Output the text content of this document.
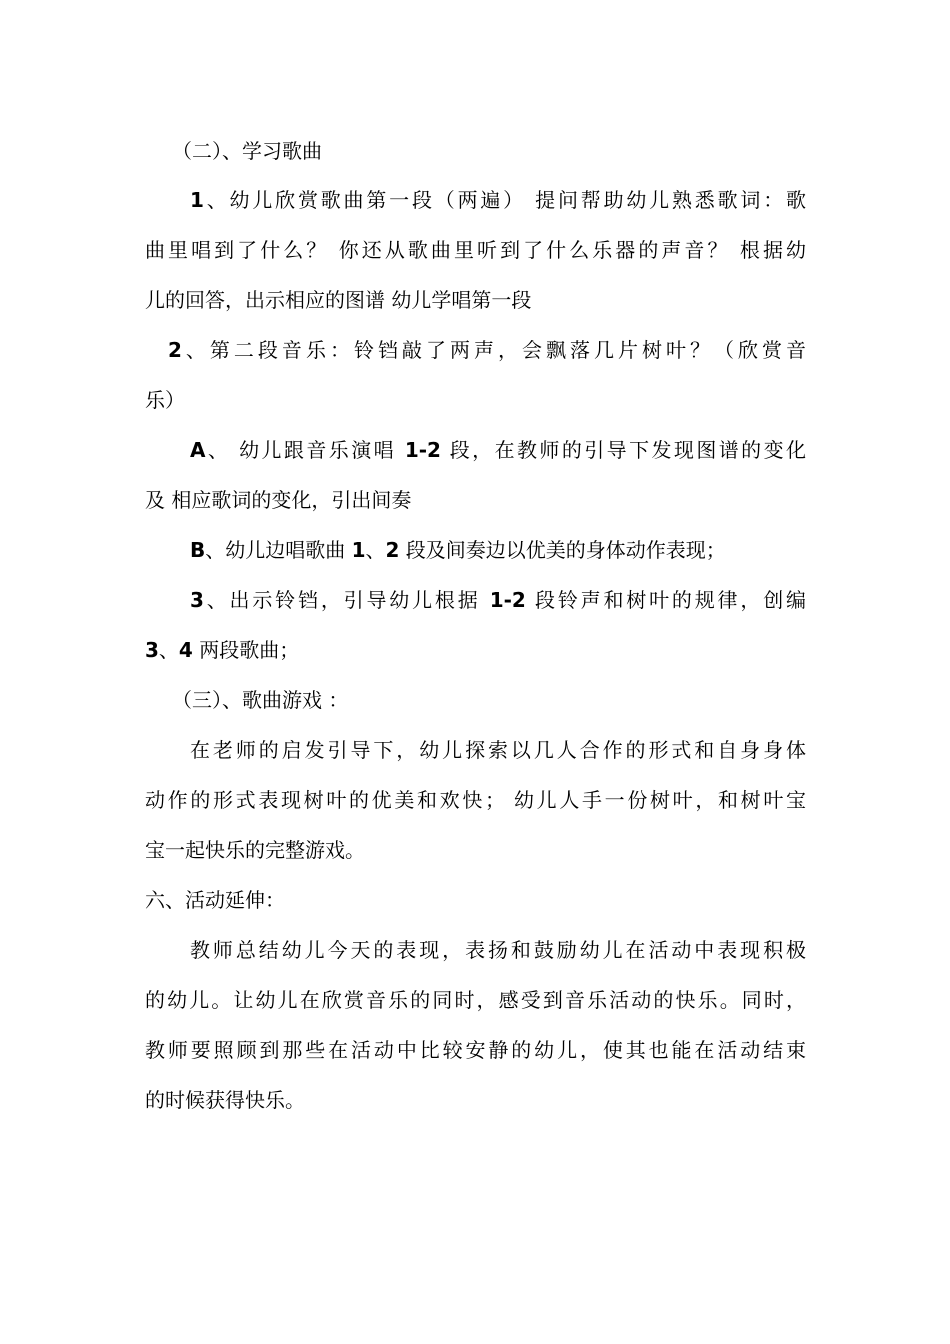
（二）、学习歌曲
1、幼儿欣赏歌曲第一段（两遍） 提问帮助幼儿熟悉歌词：歌
曲里唱到了什么？ 你还从歌曲里听到了什么乐器的声音？ 根据幼
儿的回答，出示相应的图谱 幼儿学唱第一段
2、第二段音乐：铃铛敲了两声，会飘落几片树叶？（欣赏音
乐）
A、 幼儿跟音乐演唱 1-2 段，在教师的引导下发现图谱的变化
及 相应歌词的变化，引出间奏
B、幼儿边唱歌曲 1、2 段及间奏边以优美的身体动作表现；
3、出示铃铛，引导幼儿根据 1-2 段铃声和树叶的规律，创编
3、4 两段歌曲；
（三）、歌曲游戏 ：
在老师的启发引导下，幼儿探索以几人合作的形式和自身身体
动作的形式表现树叶的优美和欢快； 幼儿人手一份树叶，和树叶宝
宝一起快乐的完整游戏。
六、活动延伸：
教师总结幼儿今天的表现，表扬和鼓励幼儿在活动中表现积极
的幼儿。让幼儿在欣赏音乐的同时，感受到音乐活动的快乐。同时，
教师要照顾到那些在活动中比较安静的幼儿，使其也能在活动结束
的时候获得快乐。
